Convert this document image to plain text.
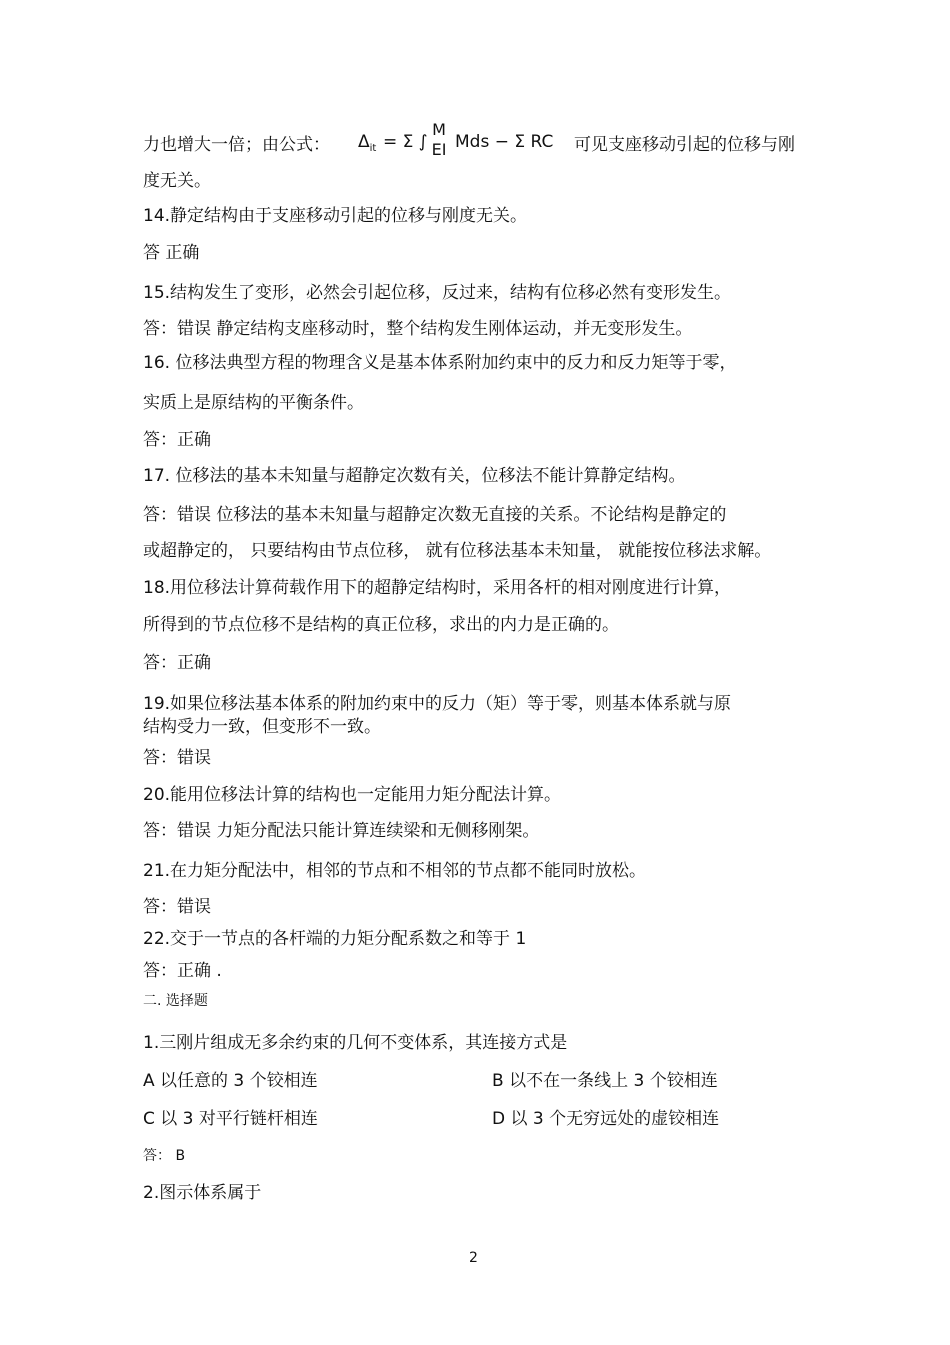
力也增大一倍；由公式： $\Delta_{it} = \Sigma$ ∫
M
EI Mds − Σ RC 可见支座移动引起的位移与刚
度无关。
14.静定结构由于支座移动引起的位移与刚度无关。
答 正确
15.结构发生了变形，必然会引起位移，反过来，结构有位移必然有变形发生。
答：错误 静定结构支座移动时，整个结构发生刚体运动，并无变形发生。
16. 位移法典型方程的物理含义是基本体系附加约束中的反力和反力矩等于零，
实质上是原结构的平衡条件。
答：正确
17. 位移法的基本未知量与超静定次数有关，位移法不能计算静定结构。
答：错误 位移法的基本未知量与超静定次数无直接的关系。不论结构是静定的
或超静定的， 只要结构由节点位移， 就有位移法基本未知量， 就能按位移法求解。
18.用位移法计算荷载作用下的超静定结构时，采用各杆的相对刚度进行计算，
所得到的节点位移不是结构的真正位移，求出的内力是正确的。
答：正确
19.如果位移法基本体系的附加约束中的反力（矩）等于零，则基本体系就与原
结构受力一致，但变形不一致。
答：错误
20.能用位移法计算的结构也一定能用力矩分配法计算。
答：错误 力矩分配法只能计算连续梁和无侧移刚架。
21.在力矩分配法中，相邻的节点和不相邻的节点都不能同时放松。
答：错误
22.交于一节点的各杆端的力矩分配系数之和等于 1
答：正确 .
二. 选择题
1.三刚片组成无多余约束的几何不变体系，其连接方式是
A 以任意的 3 个铰相连	B 以不在一条线上 3 个铰相连
C 以 3 对平行链杆相连	D 以 3 个无穷远处的虚铰相连
答： B
2.图示体系属于
2
